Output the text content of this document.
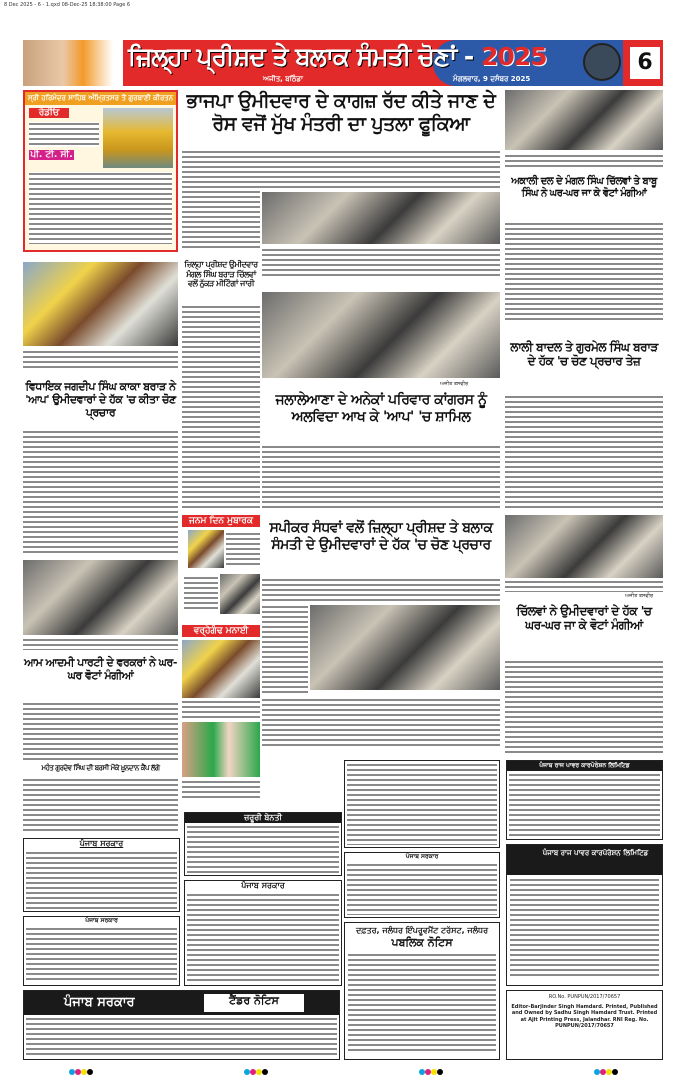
8 Dec 2025 - 6 - 1.qxd 08-Dec-25 18:38:00 Page 6
ਜ਼ਿਲ੍ਹਾ ਪ੍ਰੀਸ਼ਦ ਤੇ ਬਲਾਕ ਸੰਮਤੀ ਚੋਣਾਂ - 2025
ਅਜੀਤ, ਬਠਿੰਡਾ	ਮੰਗਲਵਾਰ, 9 ਦਸੰਬਰ 2025
6
ਸ੍ਰੀ ਹਰਿਮੰਦਰ ਸਾਹਿਬ ਅੰਮ੍ਰਿਤਸਰ ਤੋਂ ਗੁਰਬਾਣੀ ਕੀਰਤਨ
ਰੇਡੀਓ
ਪੀ. ਟੀ. ਸੀ.
ਵਿਧਾਇਕ ਜਗਦੀਪ ਸਿੰਘ ਕਾਕਾ ਬਰਾੜ ਨੇ 'ਆਪ' ਉਮੀਦਵਾਰਾਂ ਦੇ ਹੱਕ 'ਚ ਕੀਤਾ ਚੋਣ ਪ੍ਰਚਾਰ
ਆਮ ਆਦਮੀ ਪਾਰਟੀ ਦੇ ਵਰਕਰਾਂ ਨੇ ਘਰ-ਘਰ ਵੋਟਾਂ ਮੰਗੀਆਂ
ਮਹੰਤ ਗੁਰਦੇਵ ਸਿੰਘ ਦੀ ਬਰਸੀ ਮੌਕੇ ਖ਼ੂਨਦਾਨ ਕੈਂਪ ਲੱਗੇ
ਭਾਜਪਾ ਉਮੀਦਵਾਰ ਦੇ ਕਾਗਜ਼ ਰੱਦ ਕੀਤੇ ਜਾਣ ਦੇ ਰੋਸ ਵਜੋਂ ਮੁੱਖ ਮੰਤਰੀ ਦਾ ਪੁਤਲਾ ਫੂਕਿਆ
ਜ਼ਿਲ੍ਹਾ ਪ੍ਰੀਸ਼ਦ ਉਮੀਦਵਾਰ ਮੰਗਲ ਸਿੰਘ ਬਰਾੜ ਚਿੱਲਵਾਂ ਵਲੋਂ ਨੁੱਕੜ ਮੀਟਿੰਗਾਂ ਜਾਰੀ
ਅਜੀਤ ਤਸਵੀਰ
ਜਲਾਲੇਆਣਾ ਦੇ ਅਨੇਕਾਂ ਪਰਿਵਾਰ ਕਾਂਗਰਸ ਨੂੰ ਅਲਵਿਦਾ ਆਖ ਕੇ 'ਆਪ' 'ਚ ਸ਼ਾਮਿਲ
ਜਨਮ ਦਿਨ ਮੁਬਾਰਕ
ਵਰ੍ਹੇਗੰਢ ਮਨਾਈ
ਸਪੀਕਰ ਸੰਧਵਾਂ ਵਲੋਂ ਜ਼ਿਲ੍ਹਾ ਪ੍ਰੀਸ਼ਦ ਤੇ ਬਲਾਕ ਸੰਮਤੀ ਦੇ ਉਮੀਦਵਾਰਾਂ ਦੇ ਹੱਕ 'ਚ ਚੋਣ ਪ੍ਰਚਾਰ
ਅਕਾਲੀ ਦਲ ਦੇ ਮੰਗਲ ਸਿੰਘ ਚਿੱਲਵਾਂ ਤੇ ਬਾਬੂ ਸਿੰਘ ਨੇ ਘਰ-ਘਰ ਜਾ ਕੇ ਵੋਟਾਂ ਮੰਗੀਆਂ
ਲਾਲੀ ਬਾਦਲ ਤੇ ਗੁਰਮੇਲ ਸਿੰਘ ਬਰਾੜ ਦੇ ਹੱਕ 'ਚ ਚੋਣ ਪ੍ਰਚਾਰ ਤੇਜ਼
ਅਜੀਤ ਤਸਵੀਰ
ਚਿੱਲਵਾਂ ਨੇ ਉਮੀਦਵਾਰਾਂ ਦੇ ਹੱਕ 'ਚ ਘਰ-ਘਰ ਜਾ ਕੇ ਵੋਟਾਂ ਮੰਗੀਆਂ
ਪੰਜਾਬ ਸਰਕਾਰ
ਪੰਜਾਬ ਸਰਕਾਰ
ਜ਼ਰੂਰੀ ਬੇਨਤੀ
ਪੰਜਾਬ ਸਰਕਾਰ
ਪੰਜਾਬ ਸਰਕਾਰ
ਦਫ਼ਤਰ, ਜਲੰਧਰ ਇੰਪਰੂਵਮੈਂਟ ਟਰੱਸਟ, ਜਲੰਧਰ
ਪਬਲਿਕ ਨੋਟਿਸ
ਪੰਜਾਬ ਰਾਜ ਪਾਵਰ ਕਾਰਪੋਰੇਸ਼ਨ ਲਿਮਿਟਿਡ
ਪੰਜਾਬ ਰਾਜ ਪਾਵਰ ਕਾਰਪੋਰੇਸ਼ਨ ਲਿਮਿਟਿਡ
RO.No. PUNPUN/2017/70657
Editor-Barjinder Singh Hamdard. Printed, Published and Owned by Sadhu Singh Hamdard Trust. Printed at Ajit Printing Press, Jalandhar. RNI Reg. No. PUNPUN/2017/70657
ਪੰਜਾਬ ਸਰਕਾਰ	ਟੈਂਡਰ ਨੋਟਿਸ
